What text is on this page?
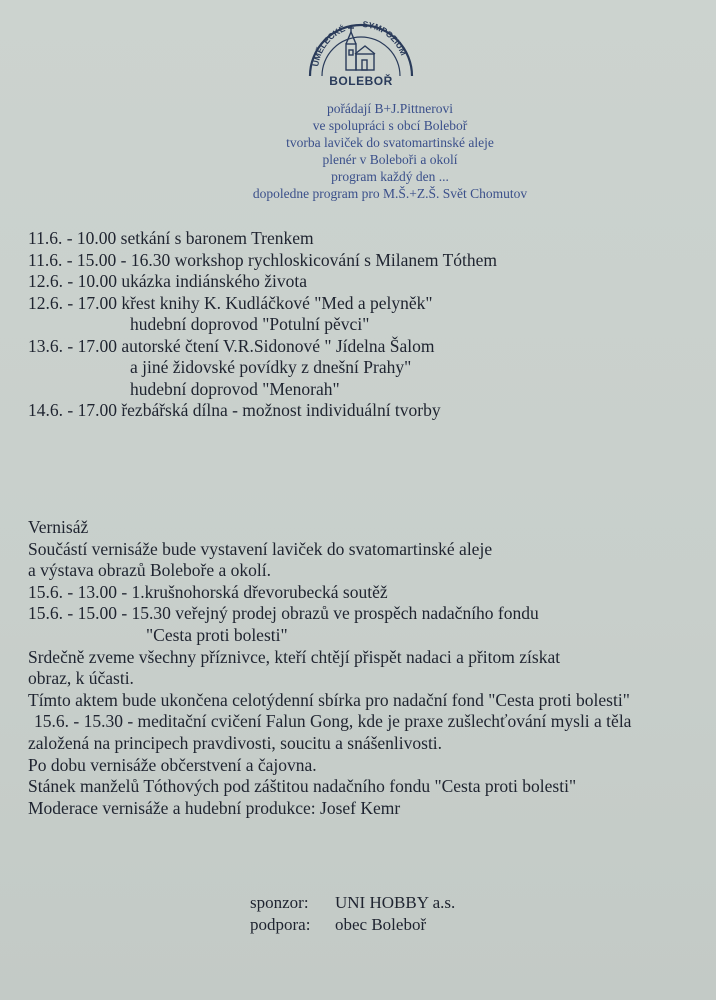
UMĚLECKÉ SYMPOZIUM
BOLEBOŘ
pořádají B+J.Pittnerovi
ve spolupráci s obcí Boleboř
tvorba laviček do svatomartinské aleje
plenér v Boleboři a okolí
program každý den ...
dopoledne program pro M.Š.+Z.Š. Svět Chomutov
11.6. - 10.00 setkání s baronem Trenkem
11.6. - 15.00 - 16.30 workshop rychloskicování s Milanem Tóthem
12.6. - 10.00 ukázka indiánského života
12.6. - 17.00 křest knihy K. Kudláčkové "Med a pelyněk"
hudební doprovod "Potulní pěvci"
13.6. - 17.00 autorské čtení V.R.Sidonové " Jídelna Šalom
a jiné židovské povídky z dnešní Prahy"
hudební doprovod "Menorah"
14.6. - 17.00 řezbářská dílna - možnost individuální tvorby
Vernisáž
Součástí vernisáže bude vystavení laviček do svatomartinské aleje
a výstava obrazů Boleboře a okolí.
15.6. - 13.00 - 1.krušnohorská dřevorubecká soutěž
15.6. - 15.00 - 15.30 veřejný prodej obrazů ve prospěch nadačního fondu
"Cesta proti bolesti"
Srdečně zveme všechny příznivce, kteří chtějí přispět nadaci a přitom získat
obraz, k účasti.
Tímto aktem bude ukončena celotýdenní sbírka pro nadační fond "Cesta proti bolesti"
15.6. - 15.30 - meditační cvičení Falun Gong, kde je praxe zušlechťování mysli a těla
založená na principech pravdivosti, soucitu a snášenlivosti.
Po dobu vernisáže občerstvení a čajovna.
Stánek manželů Tóthových pod záštitou nadačního fondu "Cesta proti bolesti"
Moderace vernisáže a hudební produkce: Josef Kemr
sponzor: UNI HOBBY a.s.
podpora: obec Boleboř
